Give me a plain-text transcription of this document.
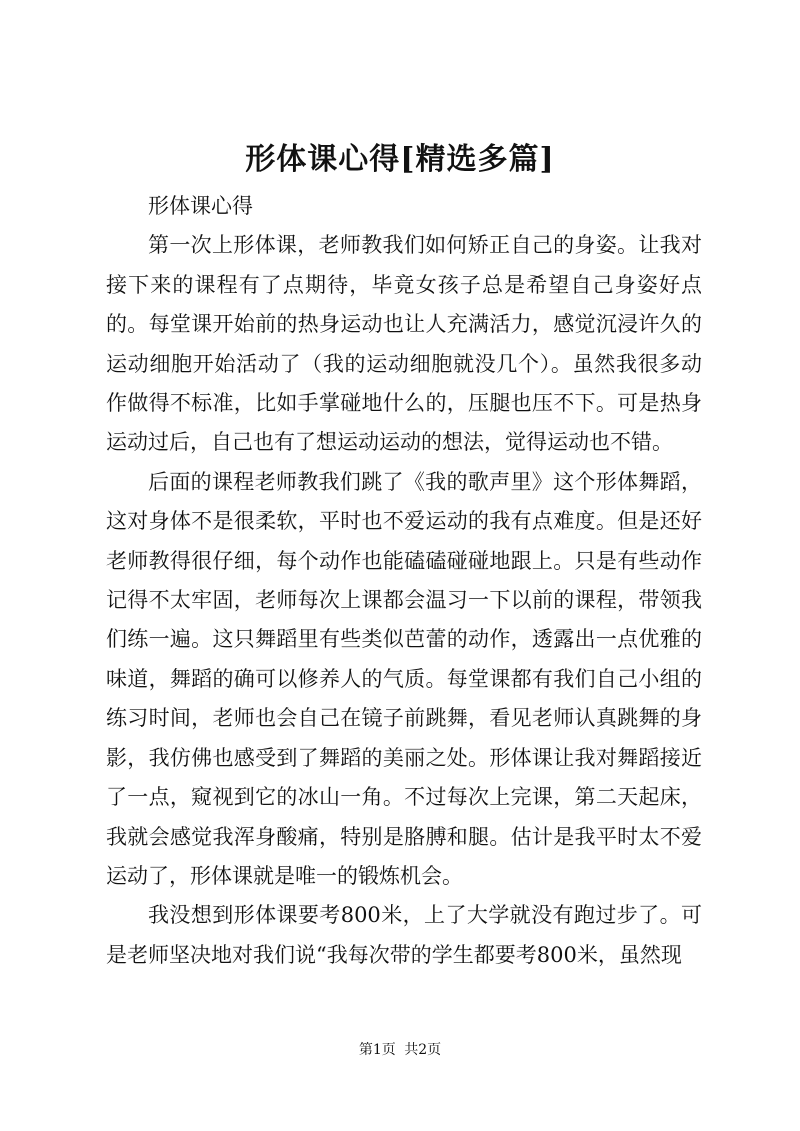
形体课心得[精选多篇]

形体课心得

第一次上形体课，老师教我们如何矫正自己的身姿。让我对接下来的课程有了点期待，毕竟女孩子总是希望自己身姿好点的。每堂课开始前的热身运动也让人充满活力，感觉沉浸许久的运动细胞开始活动了（我的运动细胞就没几个）。虽然我很多动作做得不标准，比如手掌碰地什么的，压腿也压不下。可是热身运动过后，自己也有了想运动运动的想法，觉得运动也不错。

后面的课程老师教我们跳了《我的歌声里》这个形体舞蹈，这对身体不是很柔软，平时也不爱运动的我有点难度。但是还好老师教得很仔细，每个动作也能磕磕碰碰地跟上。只是有些动作记得不太牢固，老师每次上课都会温习一下以前的课程，带领我们练一遍。这只舞蹈里有些类似芭蕾的动作，透露出一点优雅的味道，舞蹈的确可以修养人的气质。每堂课都有我们自己小组的练习时间，老师也会自己在镜子前跳舞，看见老师认真跳舞的身影，我仿佛也感受到了舞蹈的美丽之处。形体课让我对舞蹈接近了一点，窥视到它的冰山一角。不过每次上完课，第二天起床，我就会感觉我浑身酸痛，特别是胳膊和腿。估计是我平时太不爱运动了，形体课就是唯一的锻炼机会。

我没想到形体课要考800米，上了大学就没有跑过步了。可是老师坚决地对我们说“我每次带的学生都要考800米，虽然现

第1页 共2页
